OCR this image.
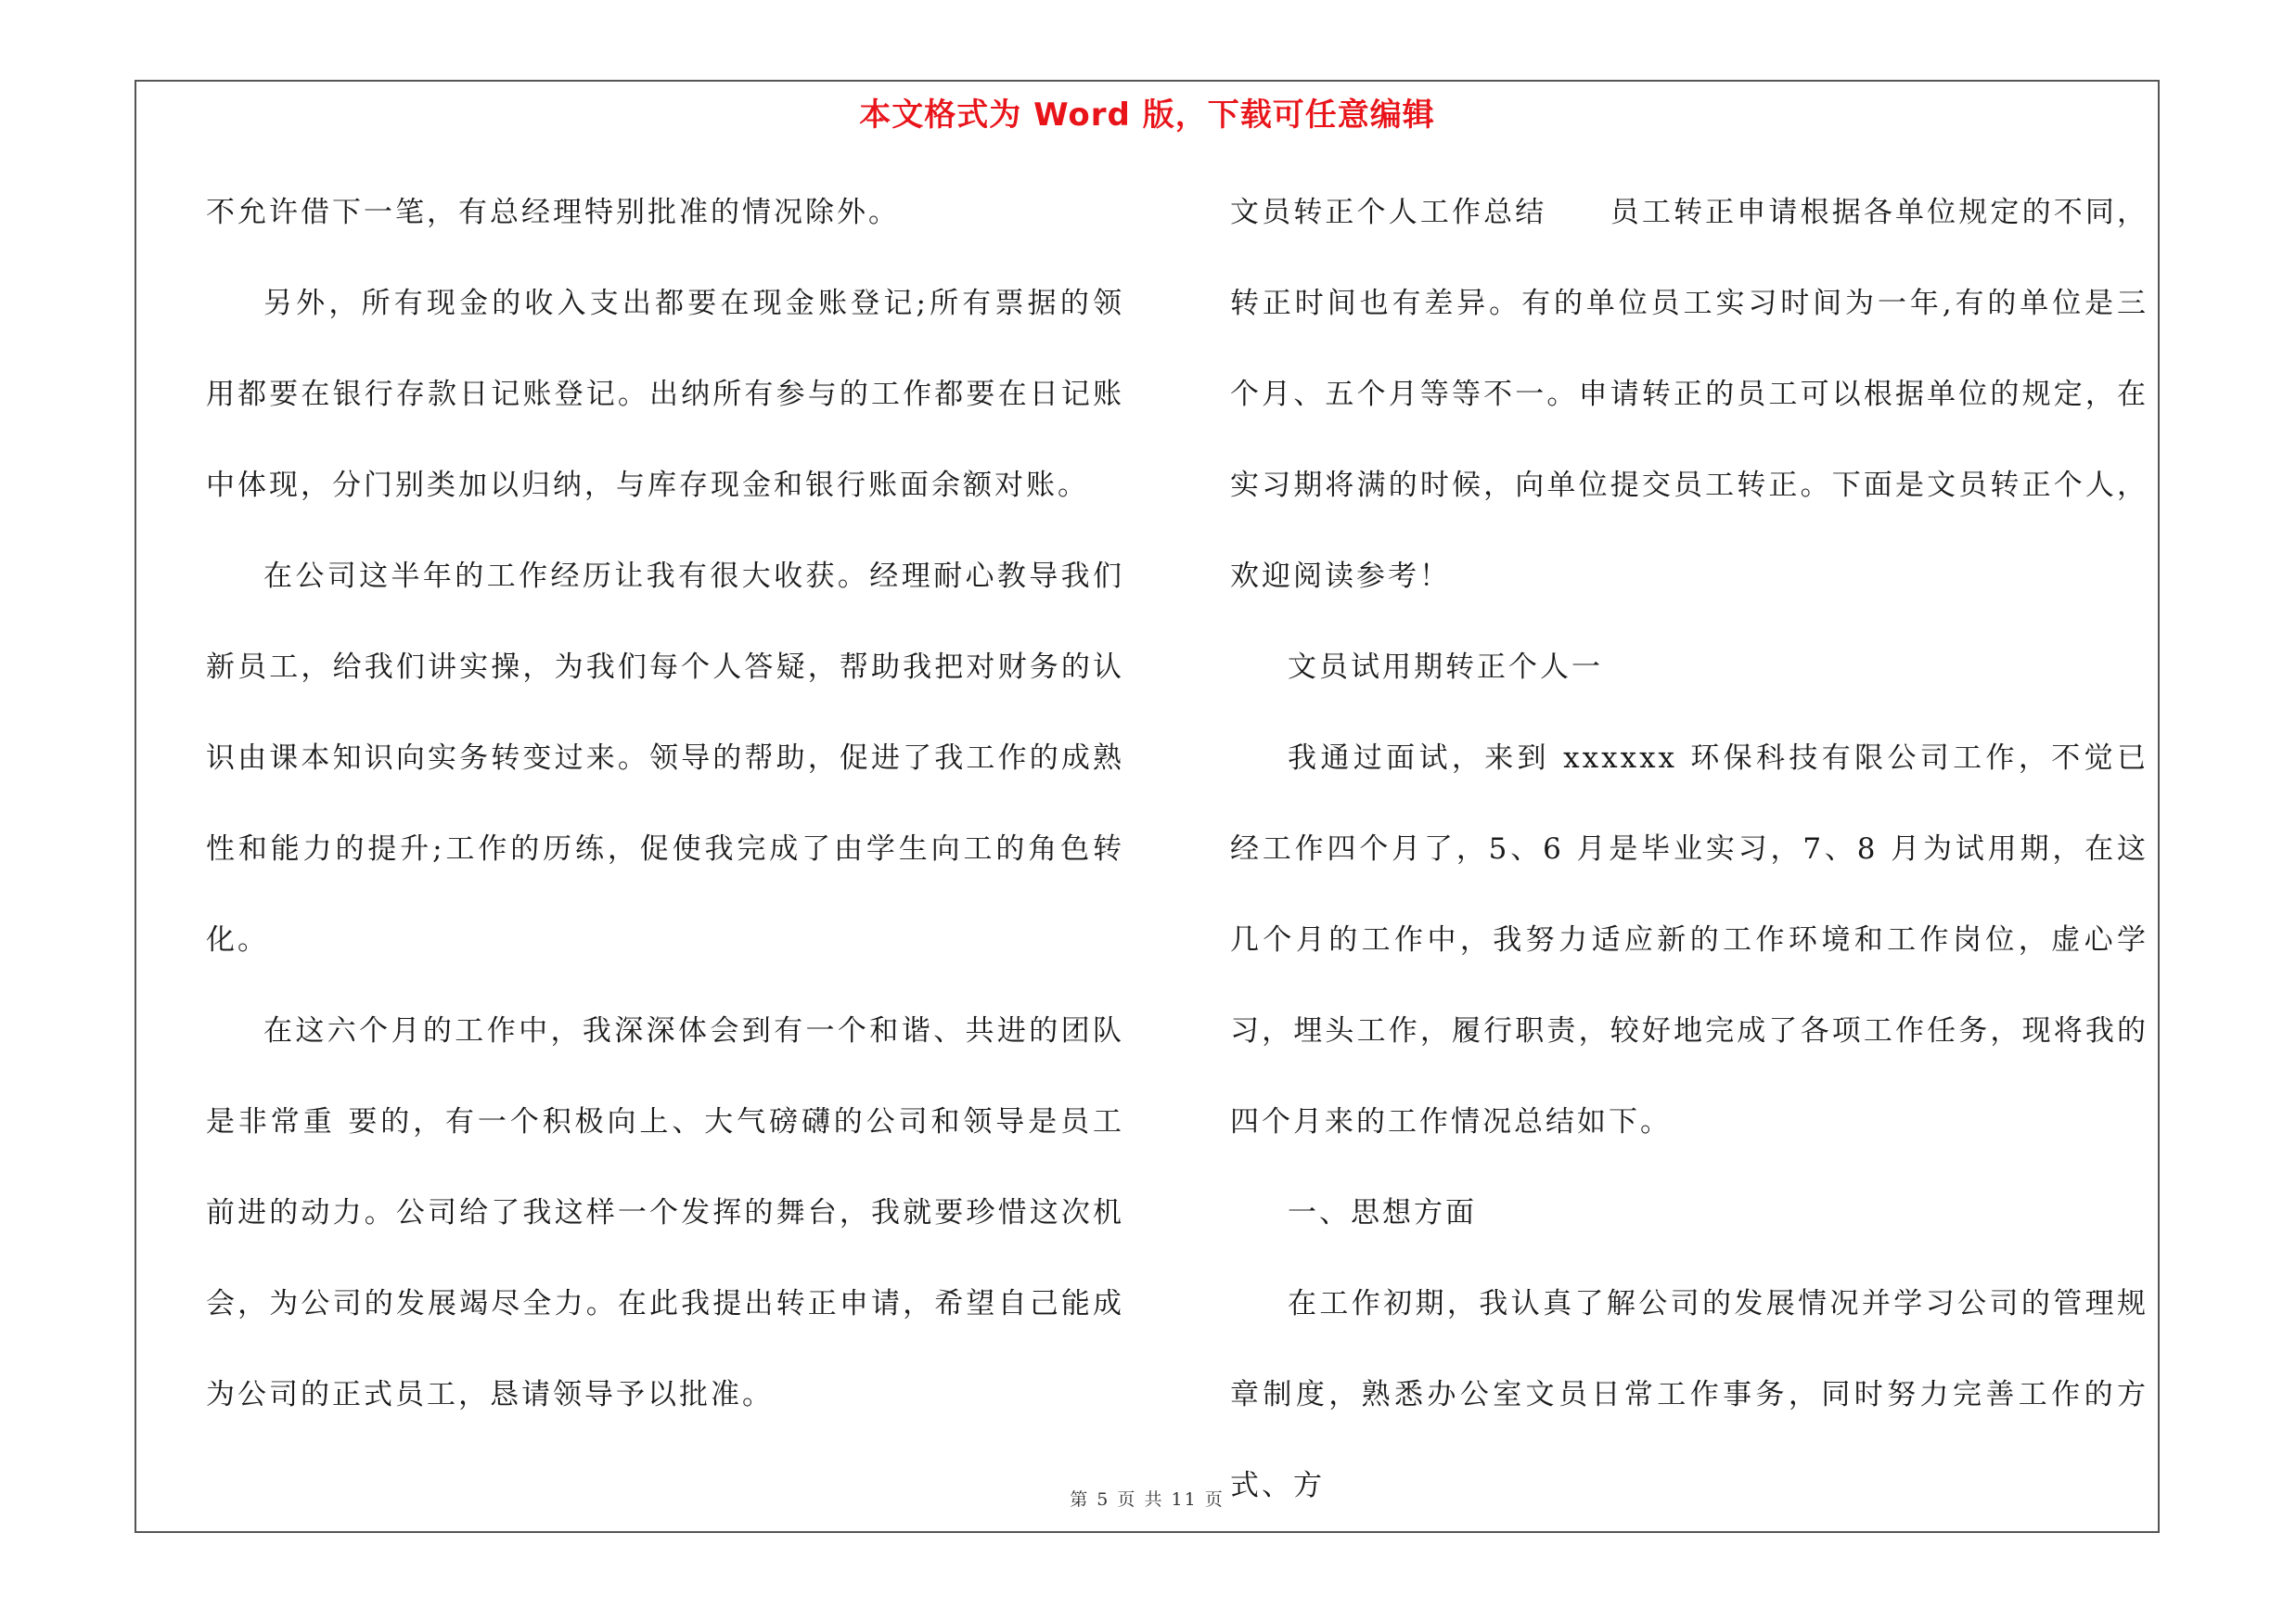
本文格式为 Word 版，下载可任意编辑
第 5 页 共 11 页

不允许借下一笔，有总经理特别批准的情况除外。

另外，所有现金的收入支出都要在现金账登记;所有票据的领用都要在银行存款日记账登记。出纳所有参与的工作都要在日记账中体现，分门别类加以归纳，与库存现金和银行账面余额对账。

在公司这半年的工作经历让我有很大收获。经理耐心教导我们新员工，给我们讲实操，为我们每个人答疑，帮助我把对财务的认识由课本知识向实务转变过来。领导的帮助，促进了我工作的成熟性和能力的提升;工作的历练，促使我完成了由学生向工的角色转化。

在这六个月的工作中，我深深体会到有一个和谐、共进的团队是非常重 要的，有一个积极向上、大气磅礴的公司和领导是员工前进的动力。公司给了我这样一个发挥的舞台，我就要珍惜这次机会，为公司的发展竭尽全力。在此我提出转正申请，希望自己能成为公司的正式员工，恳请领导予以批准。

文员转正个人工作总结　　员工转正申请根据各单位规定的不同，转正时间也有差异。有的单位员工实习时间为一年,有的单位是三个月、五个月等等不一。申请转正的员工可以根据单位的规定，在实习期将满的时候，向单位提交员工转正。下面是文员转正个人，欢迎阅读参考！

文员试用期转正个人一

我通过面试，来到 xxxxxx 环保科技有限公司工作，不觉已经工作四个月了，5、6 月是毕业实习，7、8 月为试用期，在这几个月的工作中，我努力适应新的工作环境和工作岗位，虚心学习，埋头工作，履行职责，较好地完成了各项工作任务，现将我的四个月来的工作情况总结如下。

一、思想方面

在工作初期，我认真了解公司的发展情况并学习公司的管理规章制度，熟悉办公室文员日常工作事务，同时努力完善工作的方式、方
